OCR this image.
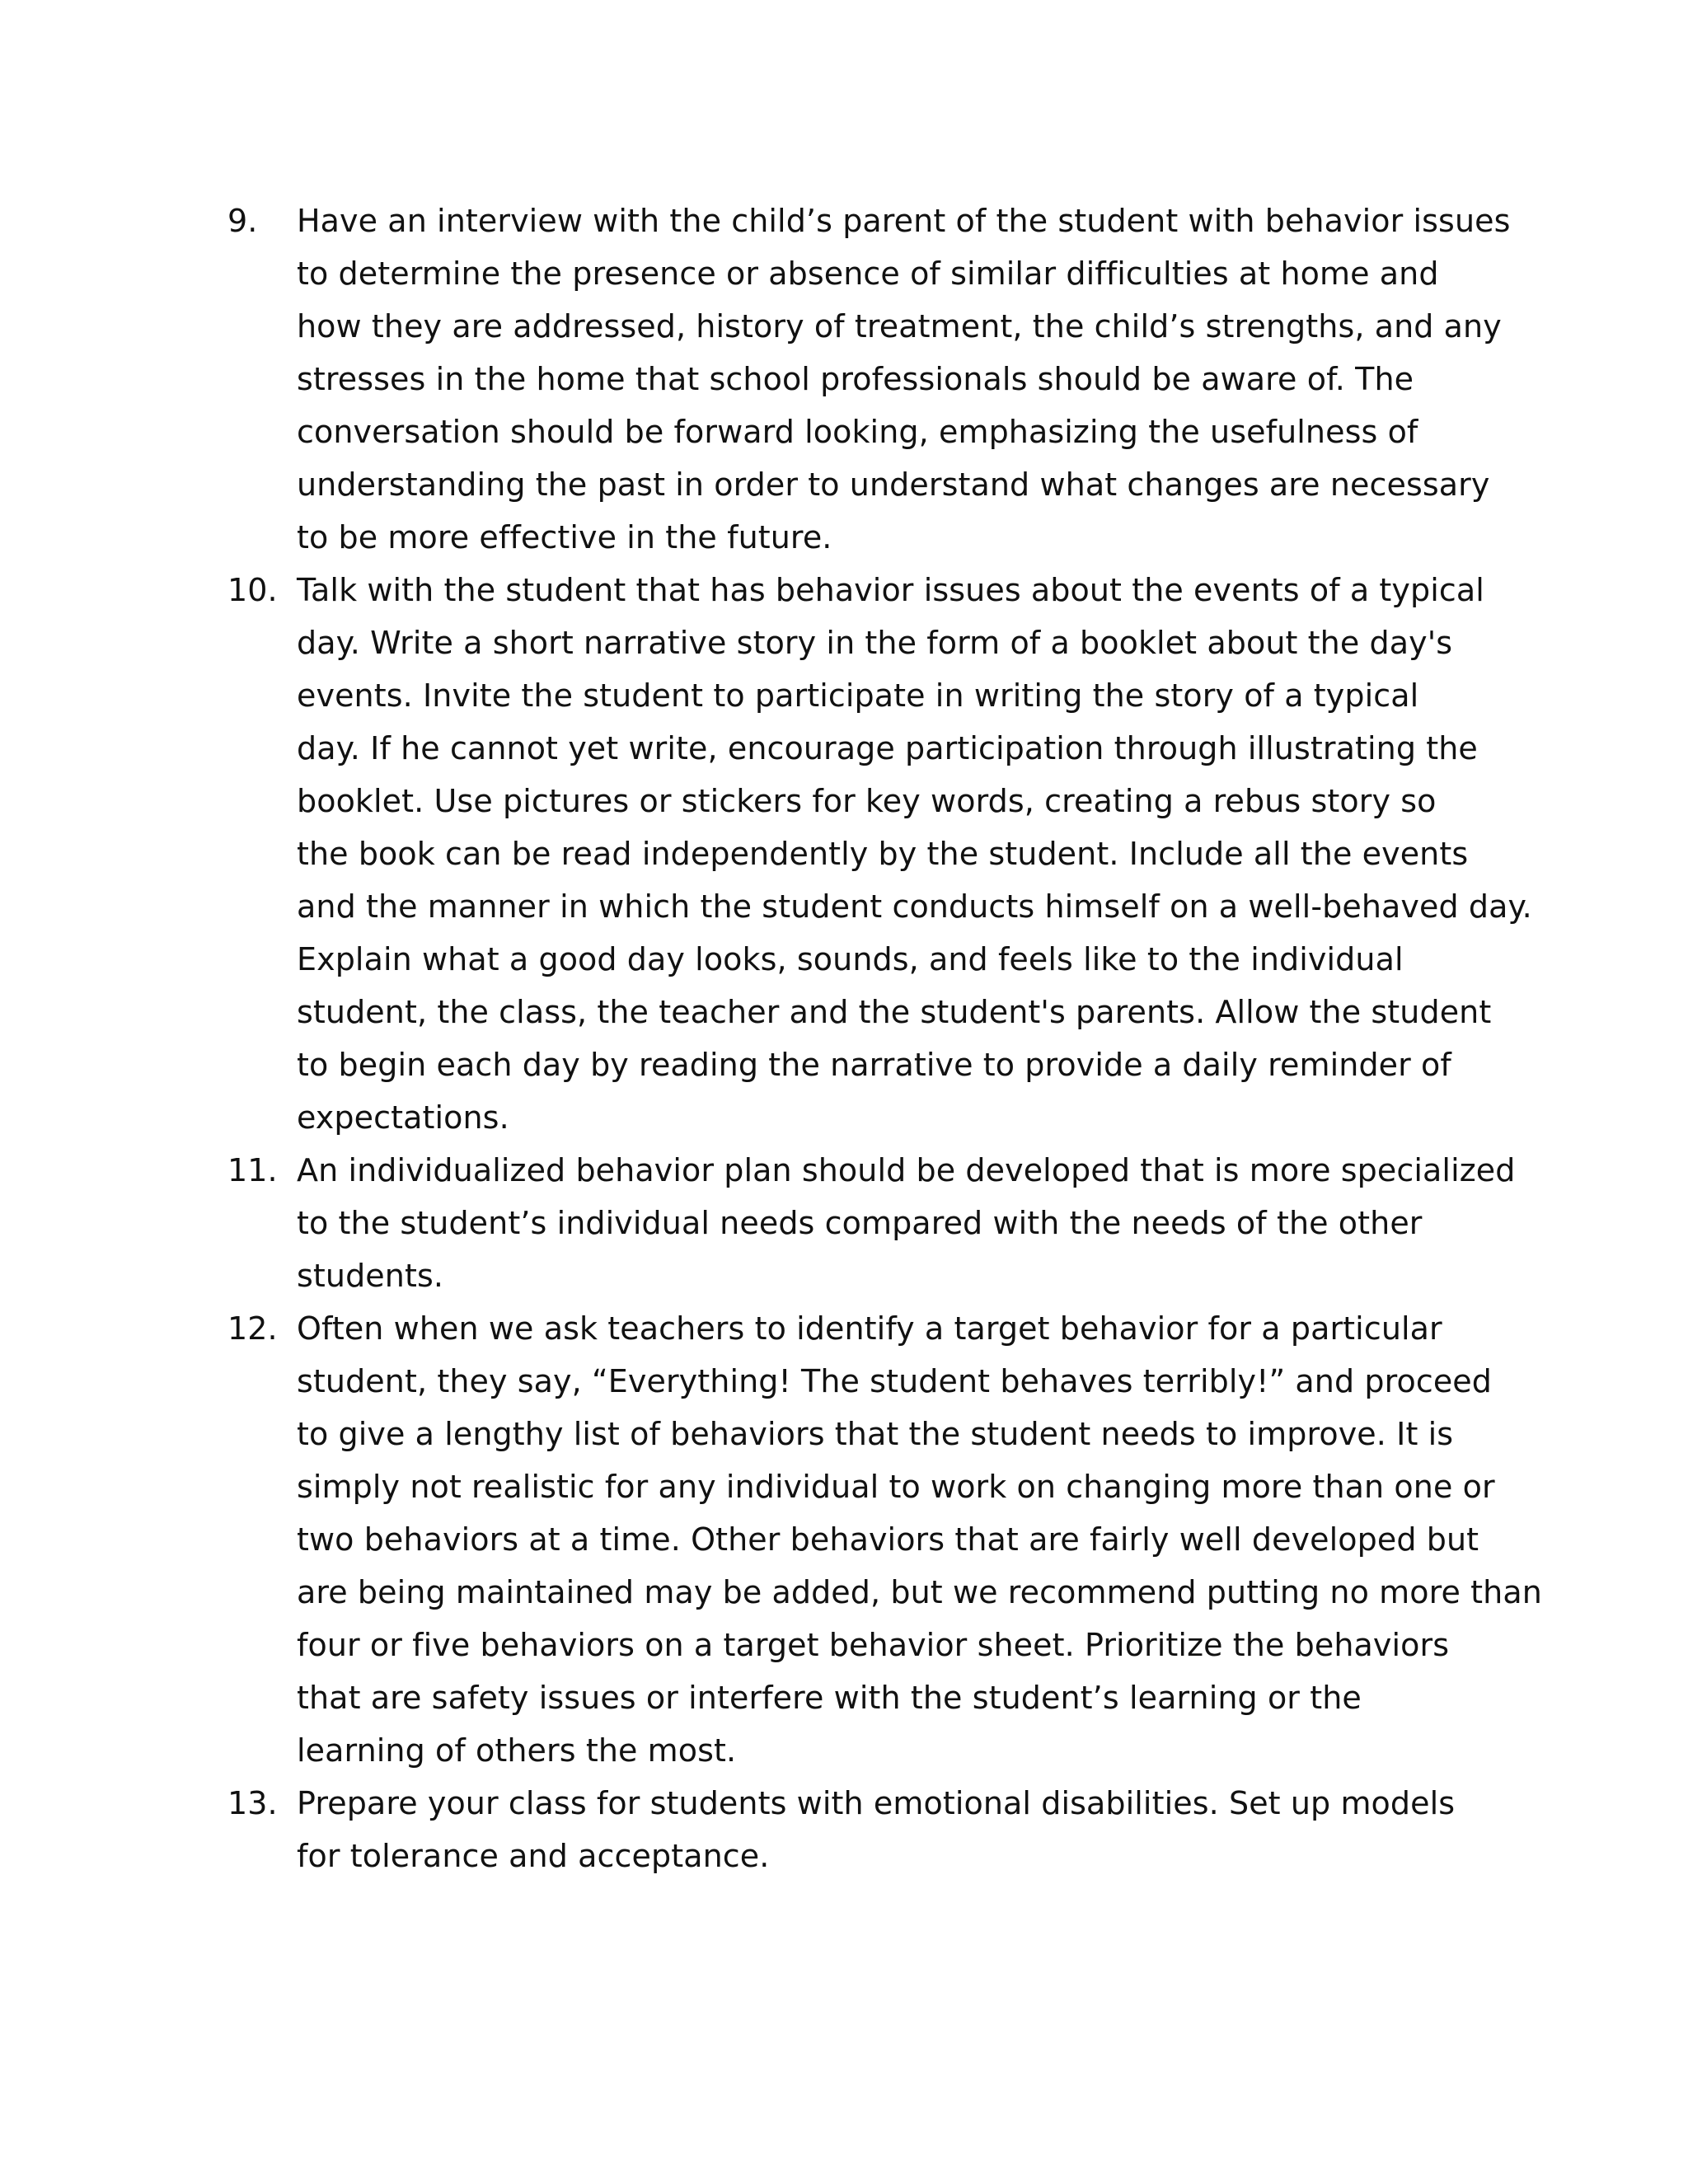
9.	Have an interview with the child’s parent of the student with behavior issues
to determine the presence or absence of similar difficulties at home and
how they are addressed, history of treatment, the child’s strengths, and any
stresses in the home that school professionals should be aware of. The
conversation should be forward looking, emphasizing the usefulness of
understanding the past in order to understand what changes are necessary
to be more effective in the future.
10. Talk with the student that has behavior issues about the events of a typical
day. Write a short narrative story in the form of a booklet about the day's
events. Invite the student to participate in writing the story of a typical
day. If he cannot yet write, encourage participation through illustrating the
booklet. Use pictures or stickers for key words, creating a rebus story so
the book can be read independently by the student. Include all the events
and the manner in which the student conducts himself on a well-behaved day.
Explain what a good day looks, sounds, and feels like to the individual
student, the class, the teacher and the student's parents. Allow the student
to begin each day by reading the narrative to provide a daily reminder of
expectations.
11. An individualized behavior plan should be developed that is more specialized
to the student’s individual needs compared with the needs of the other
students.
12. Often when we ask teachers to identify a target behavior for a particular
student, they say, “Everything! The student behaves terribly!” and proceed
to give a lengthy list of behaviors that the student needs to improve. It is
simply not realistic for any individual to work on changing more than one or
two behaviors at a time. Other behaviors that are fairly well developed but
are being maintained may be added, but we recommend putting no more than
four or five behaviors on a target behavior sheet. Prioritize the behaviors
that are safety issues or interfere with the student’s learning or the
learning of others the most.
13. Prepare your class for students with emotional disabilities. Set up models
for tolerance and acceptance.
